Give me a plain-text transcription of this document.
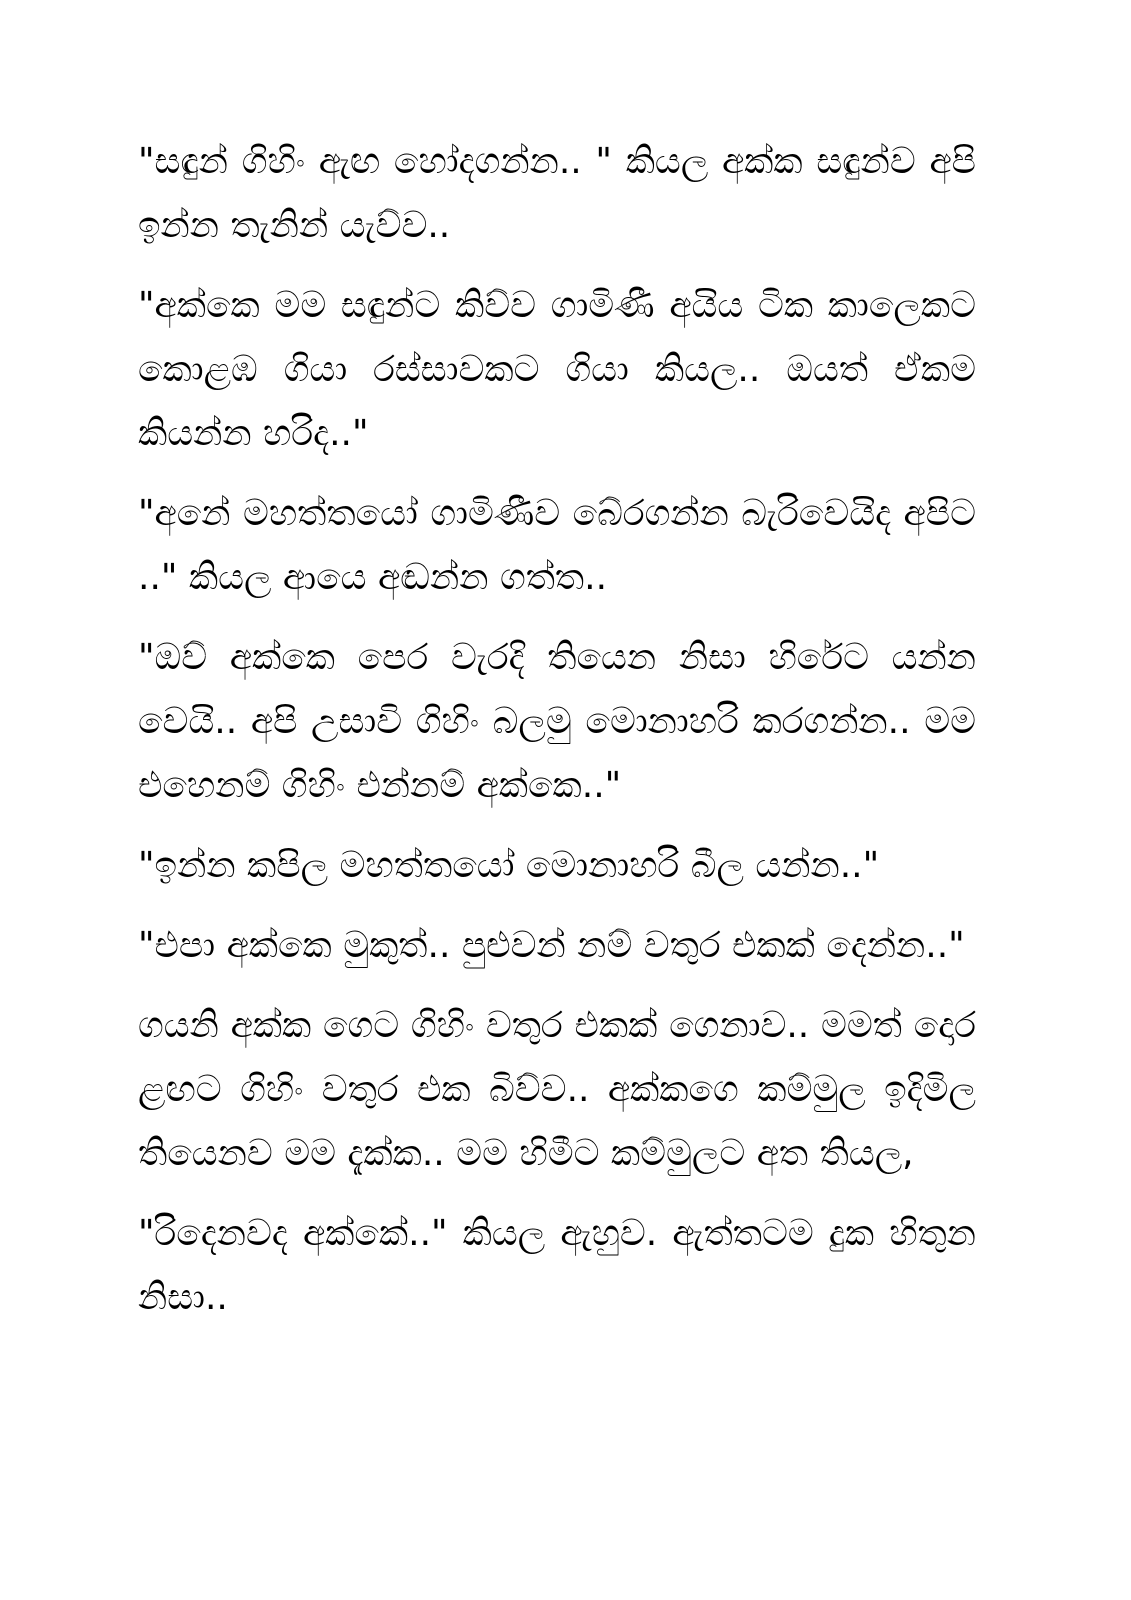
"සඳුන් ගිහිං ඇඟ හෝදගන්න.. " කියල අක්ක සඳුන්ව අපි ඉන්න තැනින් යැව්ව..

"අක්කෙ මම සඳුන්ට කිව්ව ගාමිණී අයිය ටික කාලෙකට කොළඹ ගියා රස්සාවකට ගියා කියල.. ඔයත් ඒකම කියන්න හරිද.."

"අනේ මහත්තයෝ ගාමිණීව බේරගන්න බැරිවෙයිද අපිට .." කියල ආයෙ අඬන්න ගත්ත..

"ඔව් අක්කෙ පෙර වැරදි තියෙන නිසා හිරේට යන්න වෙයි.. අපි උසාවි ගිහිං බලමු මොනාහරි කරගන්න.. මම එහෙනම් ගිහිං එන්නම් අක්කෙ.."

"ඉන්න කපිල මහත්තයෝ මොනාහරි බීල යන්න.."

"එපා අක්කෙ මුකුත්.. පුළුවන් නම් වතුර එකක් දෙන්න.."

ගයනි අක්ක ගෙට ගිහිං වතුර එකක් ගෙනාව.. මමත් දොර ළඟට ගිහිං වතුර එක බිව්ව.. අක්කගෙ කම්මුල ඉදිමිල තියෙනව මම දැක්ක.. මම හිමීට කම්මුලට අත තියල,

"රිදෙනවද අක්කේ.." කියල ඇහුව. ඇත්තටම දුක හිතුන නිසා..
